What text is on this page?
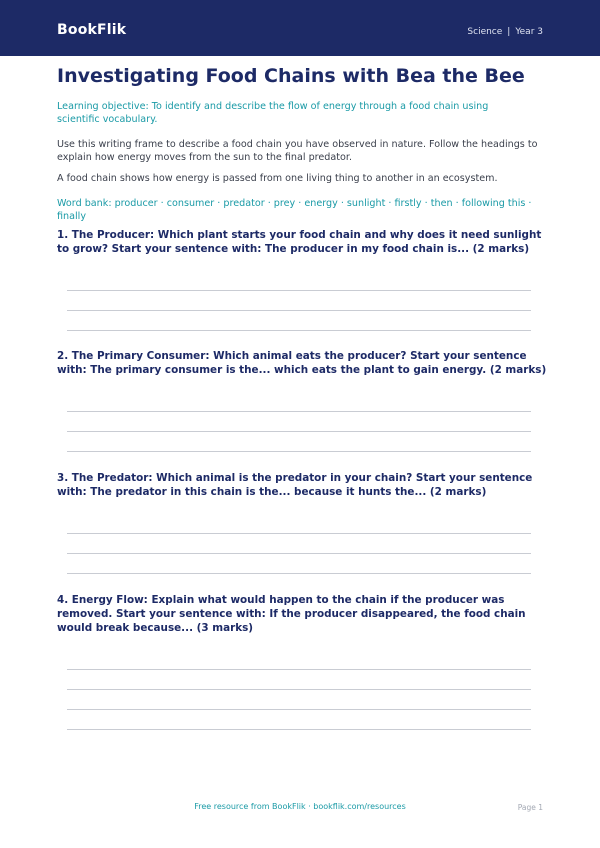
BookFlik	Science | Year 3
Investigating Food Chains with Bea the Bee

Learning objective: To identify and describe the flow of energy through a food chain using scientific vocabulary.

Use this writing frame to describe a food chain you have observed in nature. Follow the headings to explain how energy moves from the sun to the final predator.

A food chain shows how energy is passed from one living thing to another in an ecosystem.

Word bank: producer · consumer · predator · prey · energy · sunlight · firstly · then · following this · finally

1. The Producer: Which plant starts your food chain and why does it need sunlight to grow? Start your sentence with: The producer in my food chain is... (2 marks)

2. The Primary Consumer: Which animal eats the producer? Start your sentence with: The primary consumer is the... which eats the plant to gain energy. (2 marks)

3. The Predator: Which animal is the predator in your chain? Start your sentence with: The predator in this chain is the... because it hunts the... (2 marks)

4. Energy Flow: Explain what would happen to the chain if the producer was removed. Start your sentence with: If the producer disappeared, the food chain would break because... (3 marks)

Free resource from BookFlik · bookflik.com/resources	Page 1
